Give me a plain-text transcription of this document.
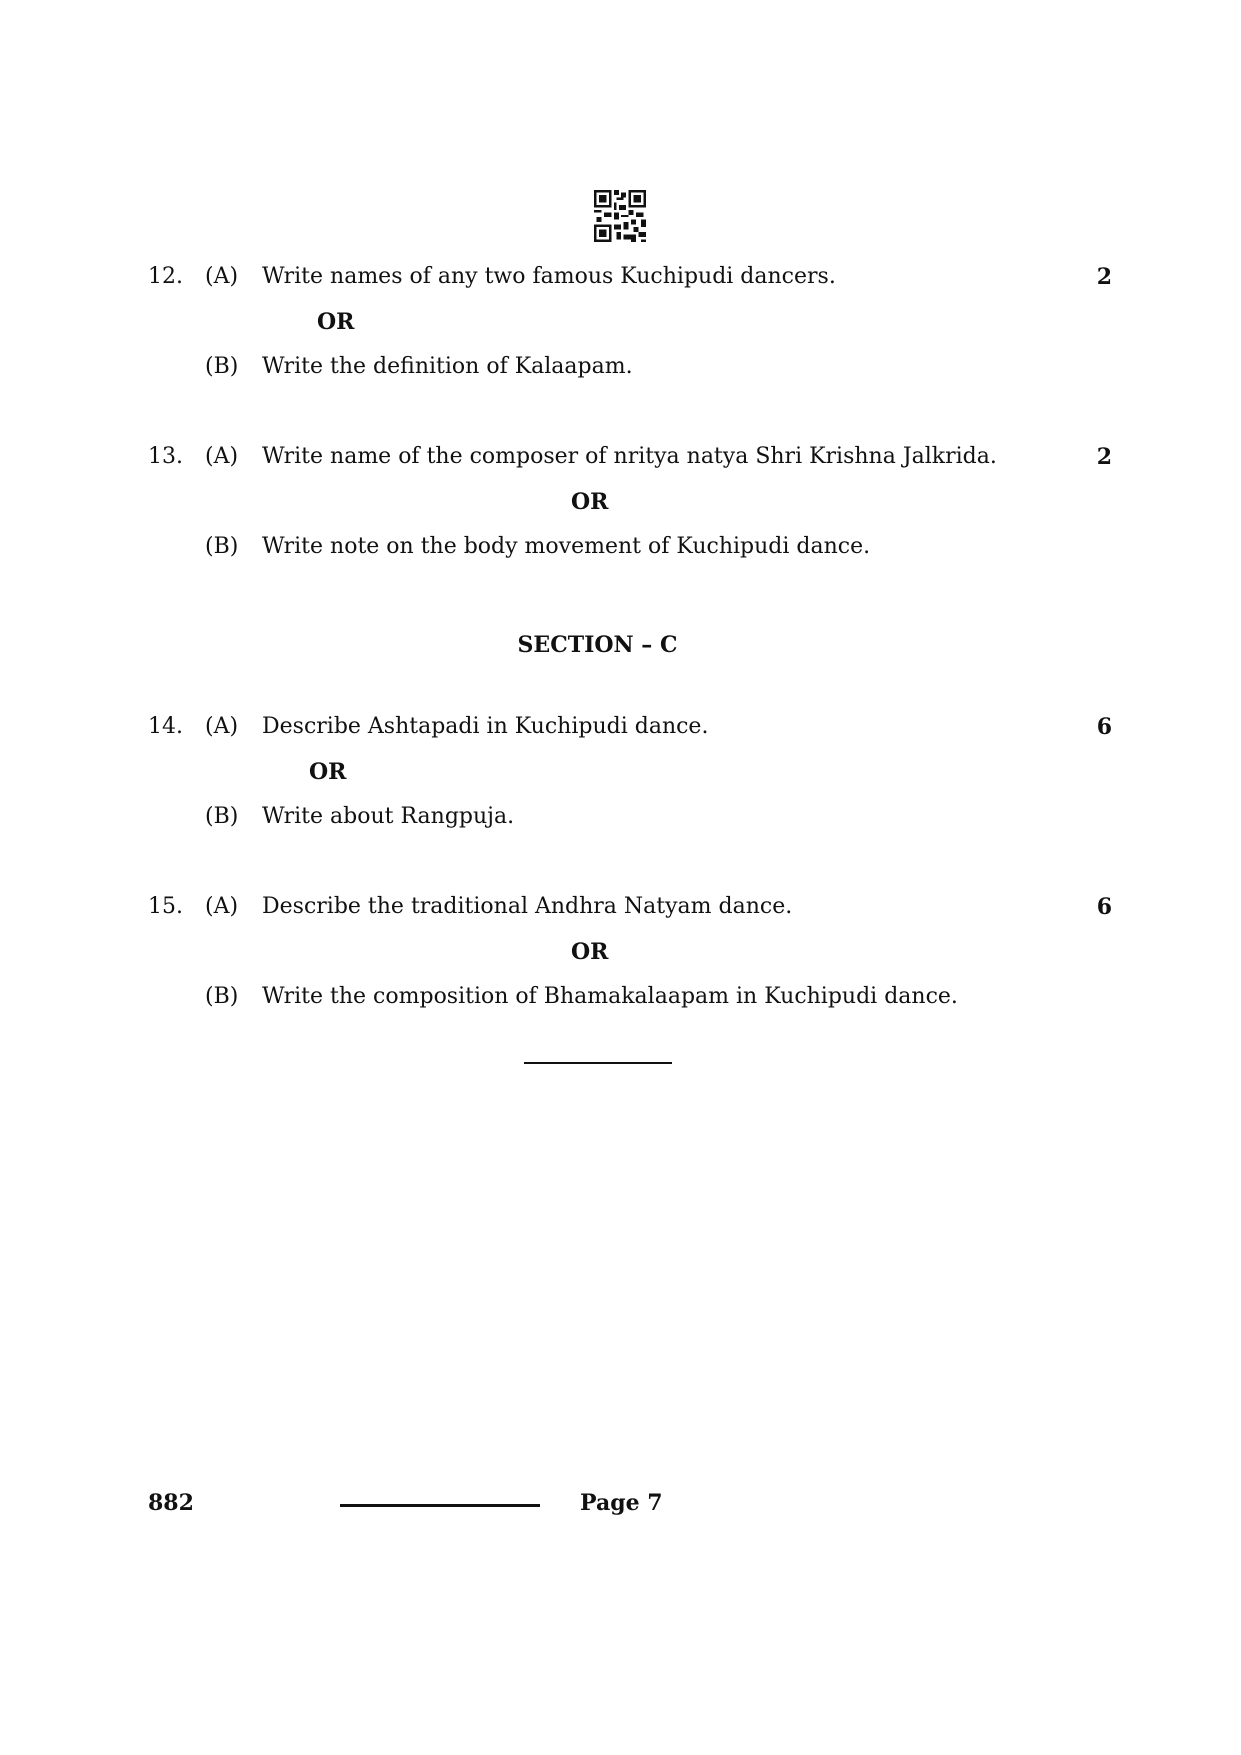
12. (A)	Write names of any two famous Kuchipudi dancers.	2
OR
(B)	Write the definition of Kalaapam.
13. (A)	Write name of the composer of nritya natya Shri Krishna Jalkrida.	2
OR
(B)	Write note on the body movement of Kuchipudi dance.
SECTION – C
14. (A)	Describe Ashtapadi in Kuchipudi dance.	6
OR
(B)	Write about Rangpuja.
15. (A)	Describe the traditional Andhra Natyam dance.	6
OR
(B)	Write the composition of Bhamakalaapam in Kuchipudi dance.
882	Page 7
